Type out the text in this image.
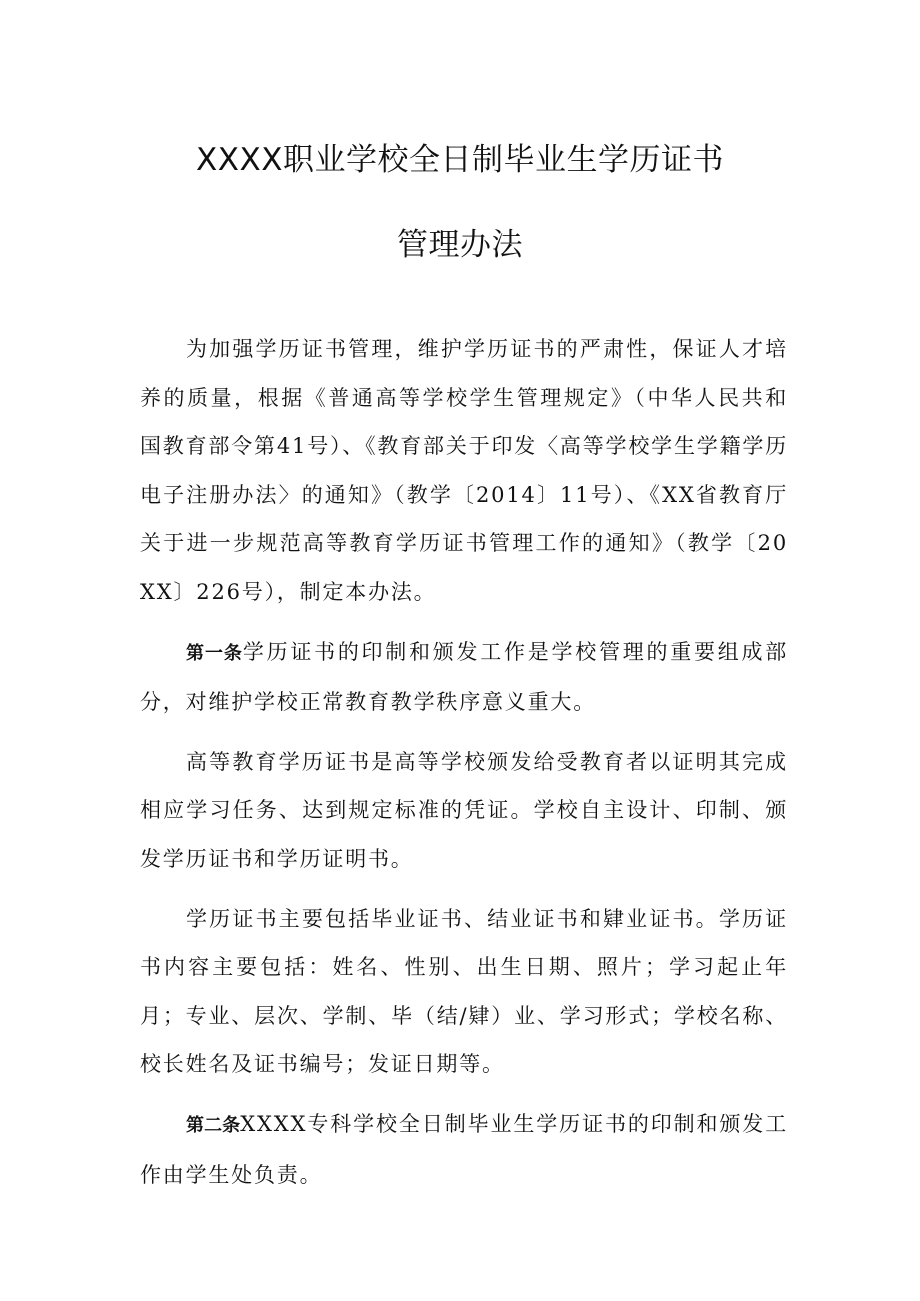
XXXX职业学校全日制毕业生学历证书
管理办法

为加强学历证书管理，维护学历证书的严肃性，保证人才培养的质量，根据《普通高等学校学生管理规定》（中华人民共和国教育部令第41号）、《教育部关于印发〈高等学校学生学籍学历电子注册办法〉的通知》（教学〔2014〕11号）、《XX省教育厅关于进一步规范高等教育学历证书管理工作的通知》（教学〔20XX〕226号），制定本办法。

第一条学历证书的印制和颁发工作是学校管理的重要组成部分，对维护学校正常教育教学秩序意义重大。

高等教育学历证书是高等学校颁发给受教育者以证明其完成相应学习任务、达到规定标准的凭证。学校自主设计、印制、颁发学历证书和学历证明书。

学历证书主要包括毕业证书、结业证书和肄业证书。学历证书内容主要包括：姓名、性别、出生日期、照片；学习起止年月；专业、层次、学制、毕（结/肄）业、学习形式；学校名称、校长姓名及证书编号；发证日期等。

第二条XXXX专科学校全日制毕业生学历证书的印制和颁发工作由学生处负责。
